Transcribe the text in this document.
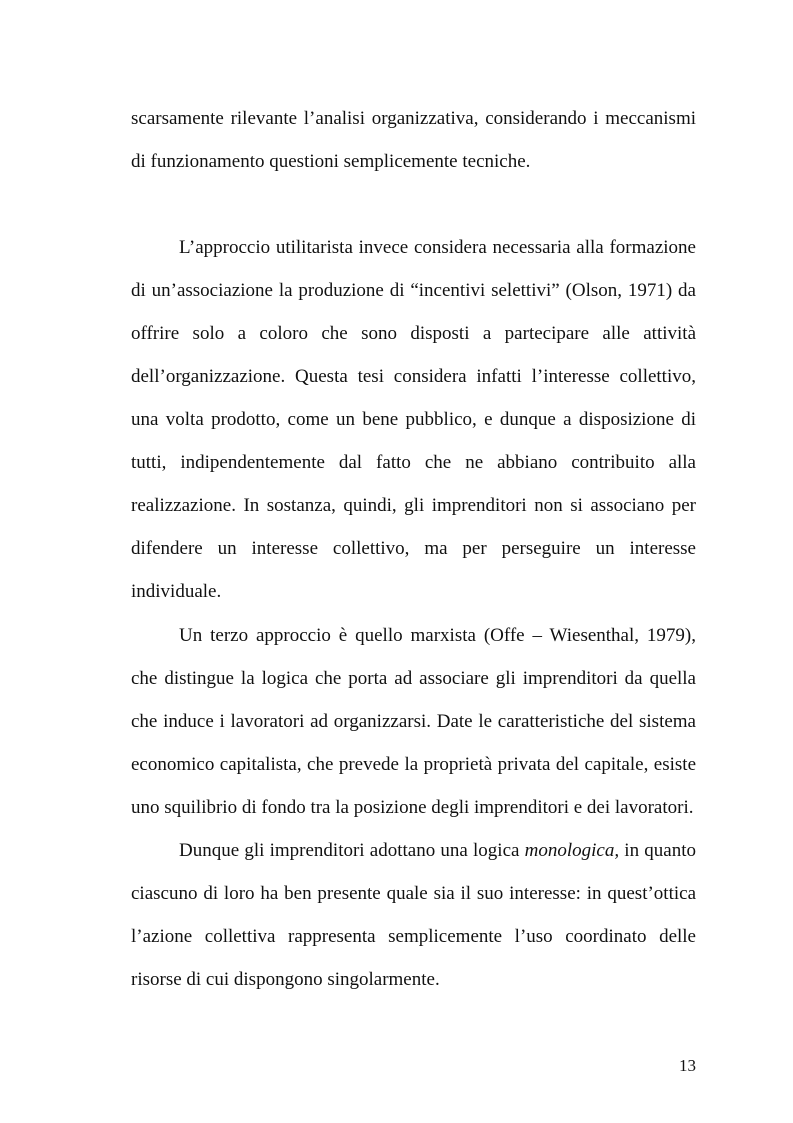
scarsamente rilevante l’analisi organizzativa, considerando i meccanismi di funzionamento questioni semplicemente tecniche.

L’approccio utilitarista invece considera necessaria alla formazione di un’associazione la produzione di “incentivi selettivi” (Olson, 1971) da offrire solo a coloro che sono disposti a partecipare alle attività dell’organizzazione. Questa tesi considera infatti l’interesse collettivo, una volta prodotto, come un bene pubblico, e dunque a disposizione di tutti, indipendentemente dal fatto che ne abbiano contribuito alla realizzazione. In sostanza, quindi, gli imprenditori non si associano per difendere un interesse collettivo, ma per perseguire un interesse individuale.

Un terzo approccio è quello marxista (Offe – Wiesenthal, 1979), che distingue la logica che porta ad associare gli imprenditori da quella che induce i lavoratori ad organizzarsi. Date le caratteristiche del sistema economico capitalista, che prevede la proprietà privata del capitale, esiste uno squilibrio di fondo tra la posizione degli imprenditori e dei lavoratori.

Dunque gli imprenditori adottano una logica monologica, in quanto ciascuno di loro ha ben presente quale sia il suo interesse: in quest’ottica l’azione collettiva rappresenta semplicemente l’uso coordinato delle risorse di cui dispongono singolarmente.

13
